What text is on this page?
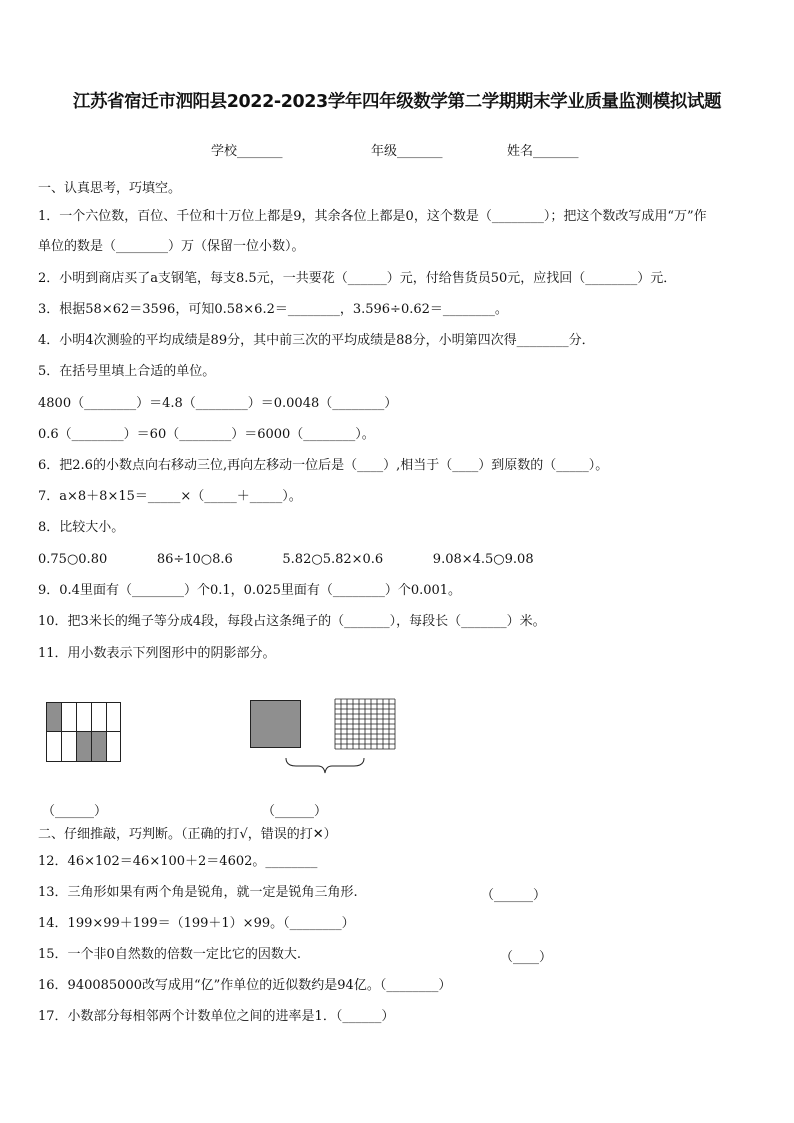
江苏省宿迁市泗阳县2022-2023学年四年级数学第二学期期末学业质量监测模拟试题
学校_______	年级_______	姓名_______
一、认真思考，巧填空。
1．一个六位数，百位、千位和十万位上都是9，其余各位上都是0，这个数是（________）；把这个数改写成用“万”作
单位的数是（________）万（保留一位小数）。
2．小明到商店买了a支钢笔，每支8.5元，一共要花（______）元，付给售货员50元，应找回（________）元．
3．根据58×62＝3596，可知0.58×6.2＝________，3.596÷0.62＝________。
4．小明4次测验的平均成绩是89分，其中前三次的平均成绩是88分，小明第四次得________分．
5．在括号里填上合适的单位。
4800（________）＝4.8（________）＝0.0048（________）
0.6（________）＝60（________）＝6000（________）。
6．把2.6的小数点向右移动三位,再向左移动一位后是（____）,相当于（____）到原数的（_____）。
7．a×8＋8×15＝_____×（_____＋_____）。
8．比较大小。
0.75○0.80            86÷10○8.6            5.82○5.82×0.6            9.08×4.5○9.08
9．0.4里面有（________）个0.1，0.025里面有（________）个0.001。
10．把3米长的绳子等分成4段，每段占这条绳子的（_______），每段长（_______）米。
11．用小数表示下列图形中的阴影部分。
（______）	（______）
二、仔细推敲，巧判断。（正确的打√，错误的打✕）
12．46×102＝46×100＋2＝4602。________
13．三角形如果有两个角是锐角，就一定是锐角三角形.	（______）
14．199×99＋199＝（199＋1）×99。（________）
15．一个非0自然数的倍数一定比它的因数大.	（____）
16．940085000改写成用“亿”作单位的近似数约是94亿。（________）
17．小数部分每相邻两个计数单位之间的进率是1．（______）
